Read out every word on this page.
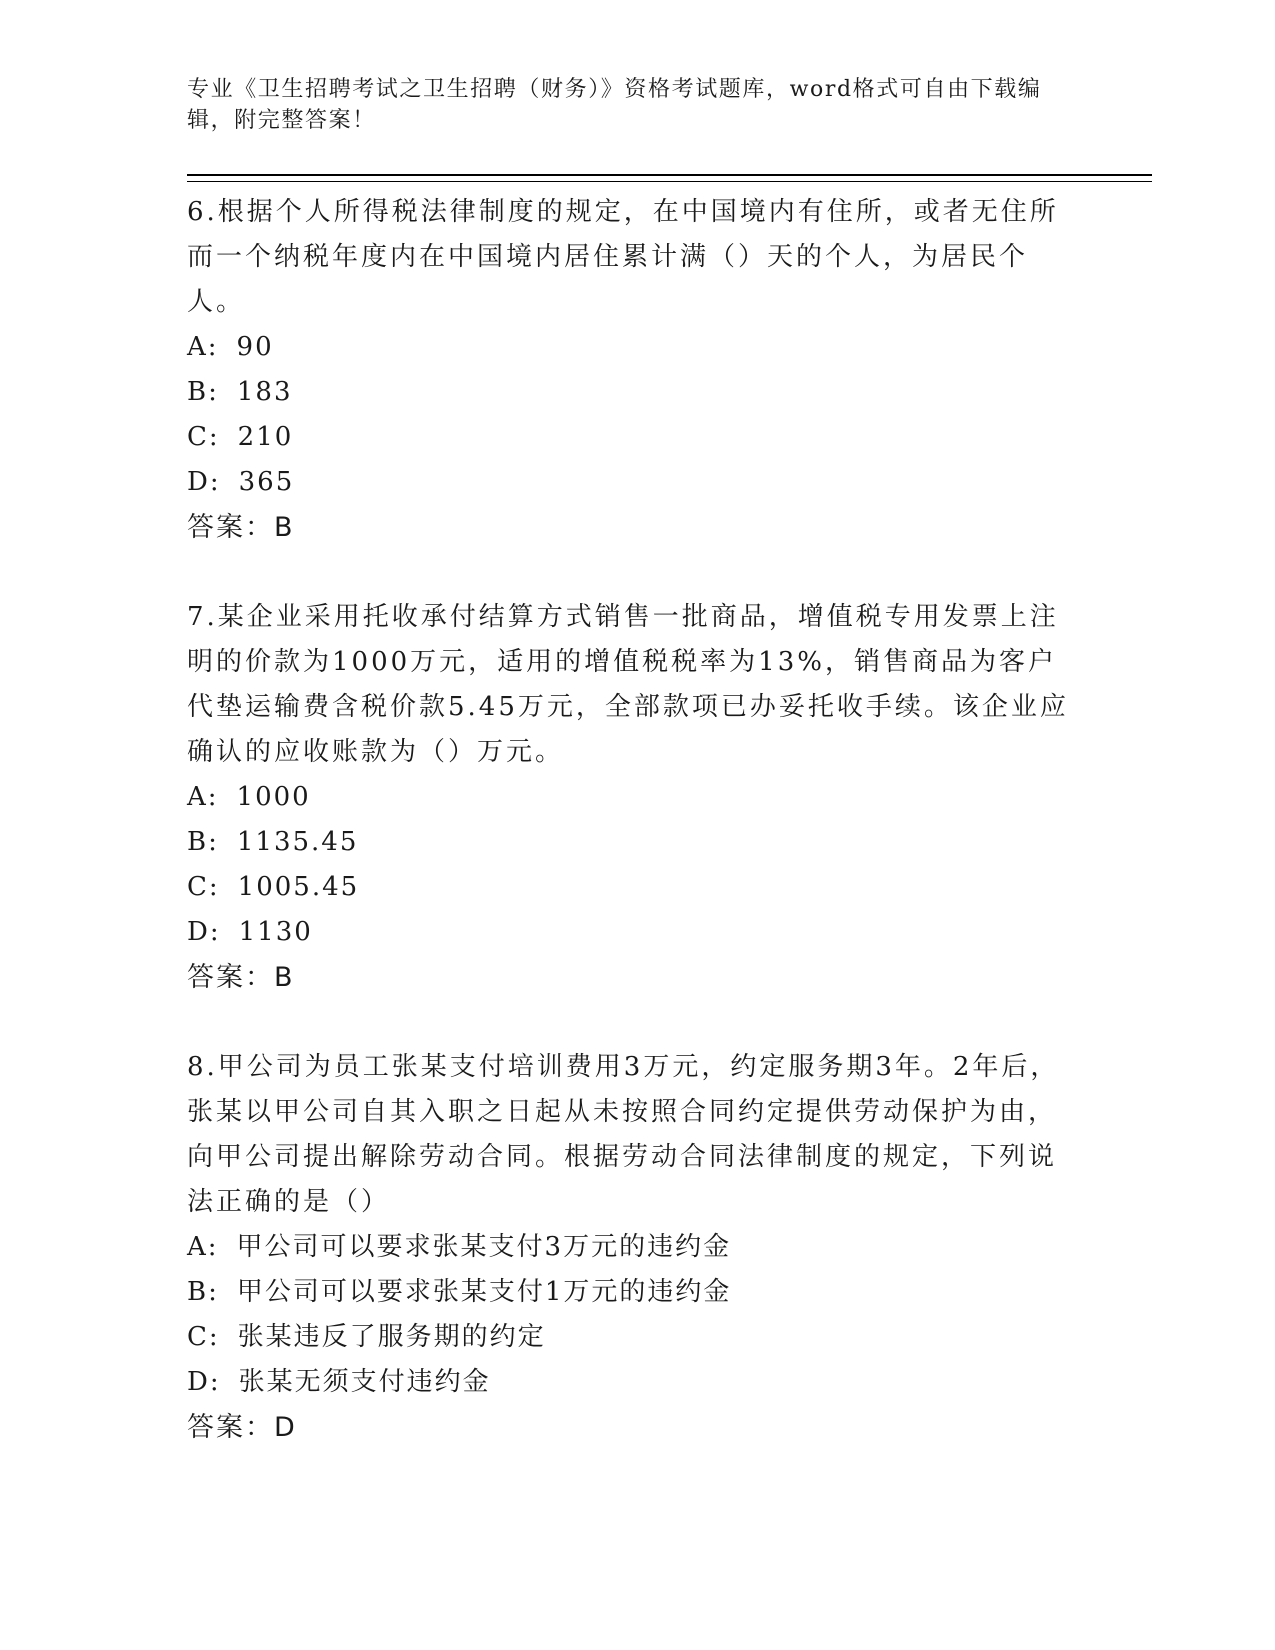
专业《卫生招聘考试之卫生招聘（财务）》资格考试题库，word格式可自由下载编辑，附完整答案！

6.根据个人所得税法律制度的规定，在中国境内有住所，或者无住所而一个纳税年度内在中国境内居住累计满（）天的个人，为居民个人。

A: 90

B: 183

C: 210

D: 365

答案：B

7.某企业采用托收承付结算方式销售一批商品，增值税专用发票上注明的价款为1000万元，适用的增值税税率为13%，销售商品为客户代垫运输费含税价款5.45万元，全部款项已办妥托收手续。该企业应确认的应收账款为（）万元。

A: 1000

B: 1135.45

C: 1005.45

D: 1130

答案：B

8.甲公司为员工张某支付培训费用3万元，约定服务期3年。2年后，张某以甲公司自其入职之日起从未按照合同约定提供劳动保护为由，向甲公司提出解除劳动合同。根据劳动合同法律制度的规定，下列说法正确的是（）

A: 甲公司可以要求张某支付3万元的违约金

B: 甲公司可以要求张某支付1万元的违约金

C: 张某违反了服务期的约定

D: 张某无须支付违约金

答案：D
